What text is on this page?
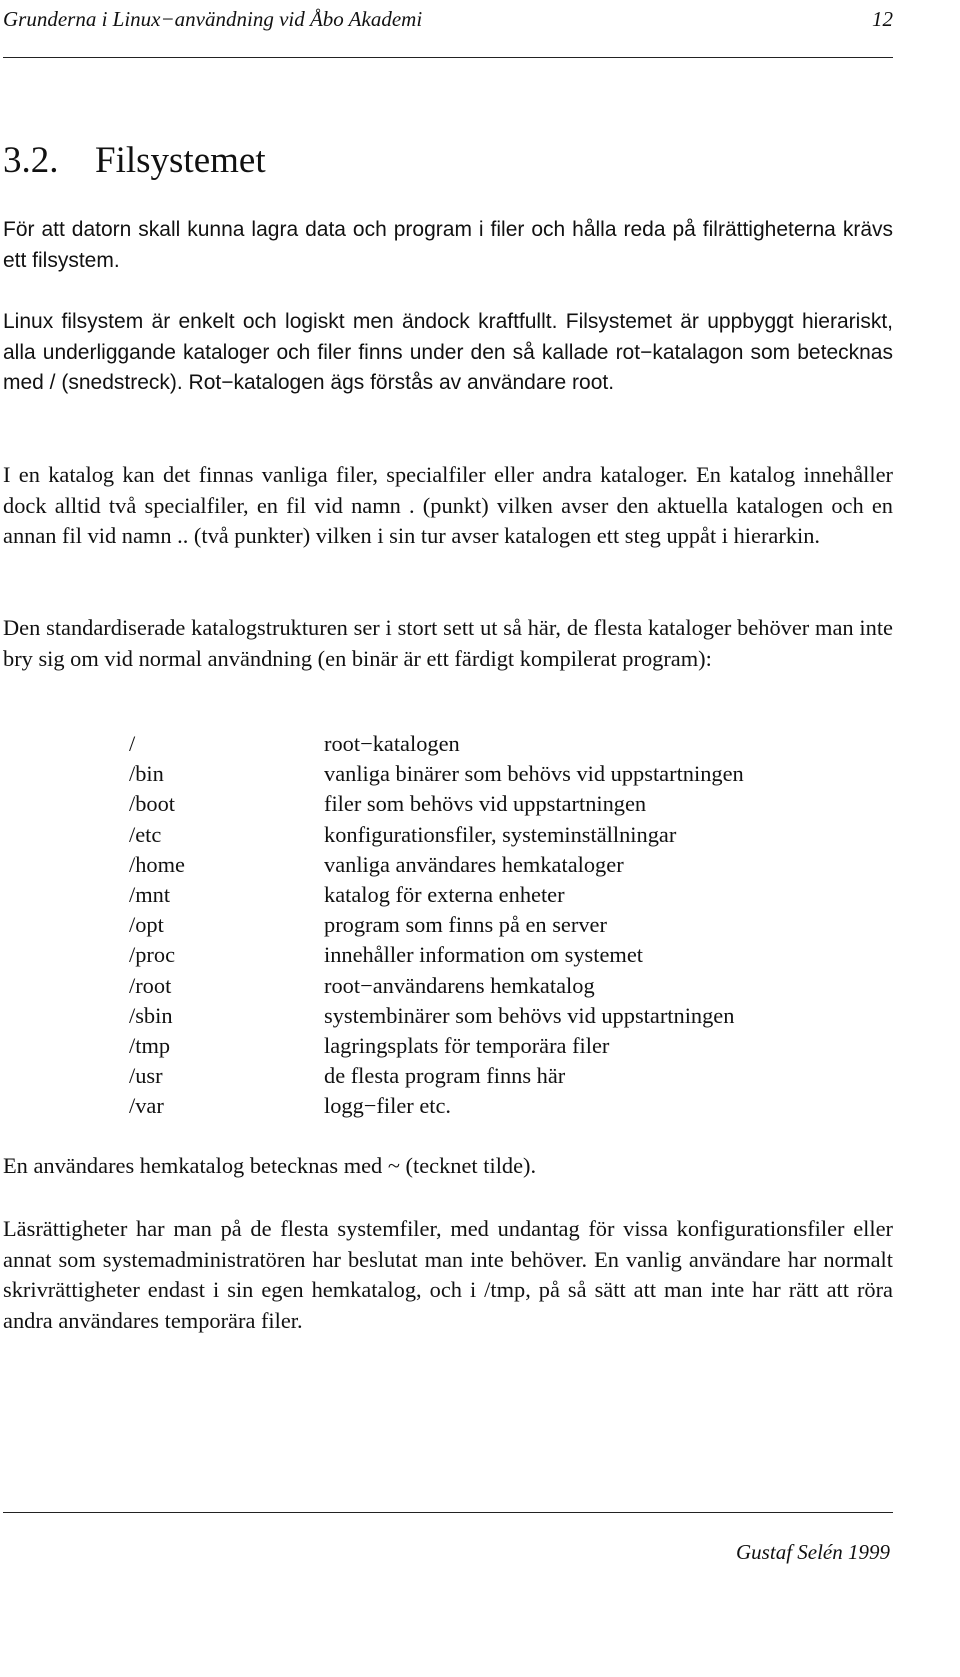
Grunderna i Linux−användning vid Åbo Akademi	12
3.2. Filsystemet

För att datorn skall kunna lagra data och program i filer och hålla reda på filrättigheterna krävs ett filsystem.

Linux filsystem är enkelt och logiskt men ändock kraftfullt. Filsystemet är uppbyggt hierariskt, alla underliggande kataloger och filer finns under den så kallade rot−katalagon som betecknas med / (snedstreck). Rot−katalogen ägs förstås av användare root.

I en katalog kan det finnas vanliga filer, specialfiler eller andra kataloger. En katalog innehåller dock alltid två specialfiler, en fil vid namn . (punkt) vilken avser den aktuella katalogen och en annan fil vid namn .. (två punkter) vilken i sin tur avser katalogen ett steg uppåt i hierarkin.

Den standardiserade katalogstrukturen ser i stort sett ut så här, de flesta kataloger behöver man inte bry sig om vid normal användning (en binär är ett färdigt kompilerat program):

/	root−katalogen
/bin	vanliga binärer som behövs vid uppstartningen
/boot	filer som behövs vid uppstartningen
/etc	konfigurationsfiler, systeminställningar
/home	vanliga användares hemkataloger
/mnt	katalog för externa enheter
/opt	program som finns på en server
/proc	innehåller information om systemet
/root	root−användarens hemkatalog
/sbin	systembinärer som behövs vid uppstartningen
/tmp	lagringsplats för temporära filer
/usr	de flesta program finns här
/var	logg−filer etc.

En användares hemkatalog betecknas med ~ (tecknet tilde).

Läsrättigheter har man på de flesta systemfiler, med undantag för vissa konfigurationsfiler eller annat som systemadministratören har beslutat man inte behöver. En vanlig användare har normalt skrivrättigheter endast i sin egen hemkatalog, och i /tmp, på så sätt att man inte har rätt att röra andra användares temporära filer.

Gustaf Selén 1999
